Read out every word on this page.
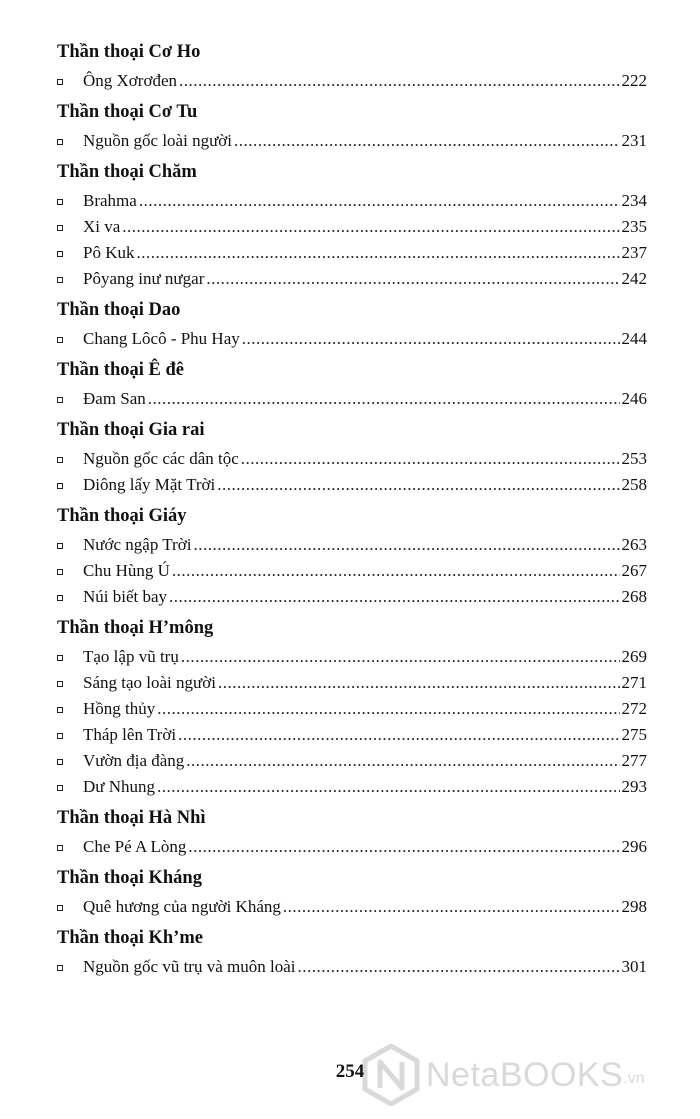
Thần thoại Cơ Ho
Ông Xơrơđen .....	222
Thần thoại Cơ Tu
Nguồn gốc loài người .....	231
Thần thoại Chăm
Brahma .....	234
Xi va .....	235
Pô Kuk .....	237
Pôyang inư nưgar .....	242
Thần thoại Dao
Chang Lôcô - Phu Hay .....	244
Thần thoại Ê đê
Đam San .....	246
Thần thoại Gia rai
Nguồn gốc các dân tộc .....	253
Diông lấy Mặt Trời .....	258
Thần thoại Giáy
Nước ngập Trời .....	263
Chu Hùng Ú .....	267
Núi biết bay .....	268
Thần thoại H’mông
Tạo lập vũ trụ .....	269
Sáng tạo loài người .....	271
Hồng thủy .....	272
Tháp lên Trời .....	275
Vườn địa đàng .....	277
Dư Nhung .....	293
Thần thoại Hà Nhì
Che Pé A Lòng .....	296
Thần thoại Kháng
Quê hương của người Kháng .....	298
Thần thoại Kh’me
Nguồn gốc vũ trụ và muôn loài .....	301
254	NetaBOOKS .vn
